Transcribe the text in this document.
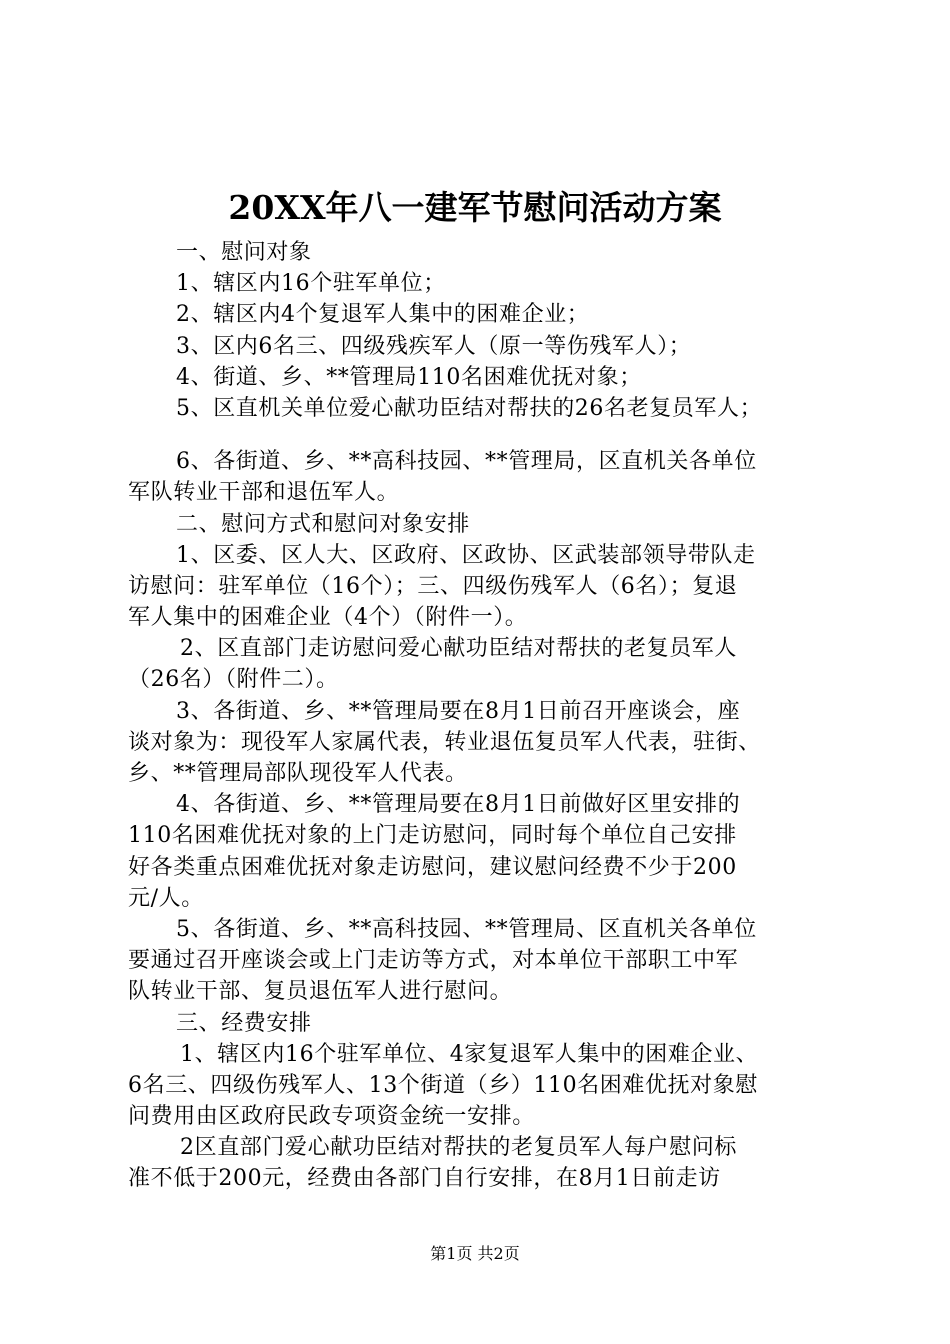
20XX年八一建军节慰问活动方案
一、慰问对象
1、辖区内16个驻军单位；
2、辖区内4个复退军人集中的困难企业；
3、区内6名三、四级残疾军人（原一等伤残军人）；
4、街道、乡、**管理局110名困难优抚对象；
5、区直机关单位爱心献功臣结对帮扶的26名老复员军人；
6、各街道、乡、**高科技园、**管理局，区直机关各单位
军队转业干部和退伍军人。
二、慰问方式和慰问对象安排
1、区委、区人大、区政府、区政协、区武装部领导带队走
访慰问：驻军单位（16个）；三、四级伤残军人（6名）；复退
军人集中的困难企业（4个）（附件一）。
2、区直部门走访慰问爱心献功臣结对帮扶的老复员军人
（26名）（附件二）。
3、各街道、乡、**管理局要在8月1日前召开座谈会，座
谈对象为：现役军人家属代表，转业退伍复员军人代表，驻街、
乡、**管理局部队现役军人代表。
4、各街道、乡、**管理局要在8月1日前做好区里安排的
110名困难优抚对象的上门走访慰问，同时每个单位自己安排
好各类重点困难优抚对象走访慰问，建议慰问经费不少于200
元/人。
5、各街道、乡、**高科技园、**管理局、区直机关各单位
要通过召开座谈会或上门走访等方式，对本单位干部职工中军
队转业干部、复员退伍军人进行慰问。
三、经费安排
1、辖区内16个驻军单位、4家复退军人集中的困难企业、
6名三、四级伤残军人、13个街道（乡）110名困难优抚对象慰
问费用由区政府民政专项资金统一安排。
2区直部门爱心献功臣结对帮扶的老复员军人每户慰问标
准不低于200元，经费由各部门自行安排，在8月1日前走访
第1页 共2页
